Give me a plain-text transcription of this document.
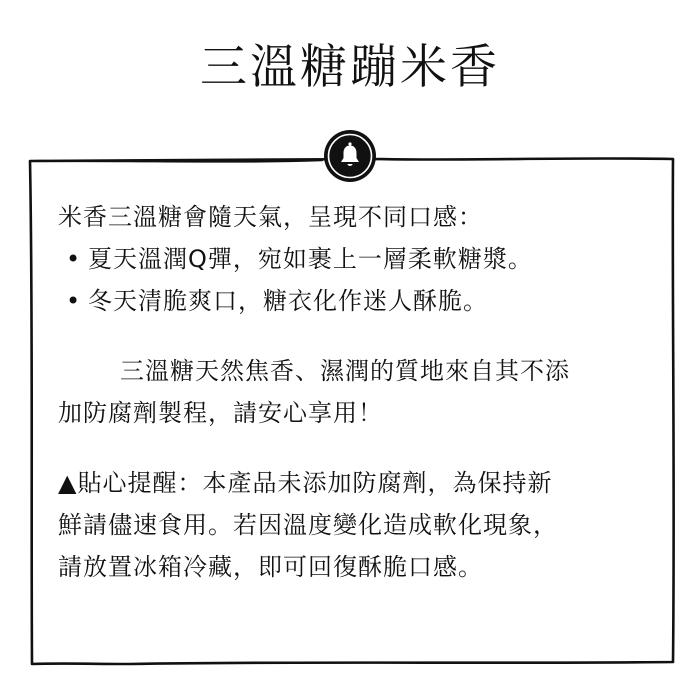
三溫糖蹦米香
米香三溫糖會隨天氣，呈現不同口感：
• 夏天溫潤Q彈，宛如裹上一層柔軟糖漿。
• 冬天清脆爽口，糖衣化作迷人酥脆。
三溫糖天然焦香、濕潤的質地來自其不添
加防腐劑製程，請安心享用！
▲貼心提醒：本產品未添加防腐劑，為保持新
鮮請儘速食用。若因溫度變化造成軟化現象，
請放置冰箱冷藏，即可回復酥脆口感。
